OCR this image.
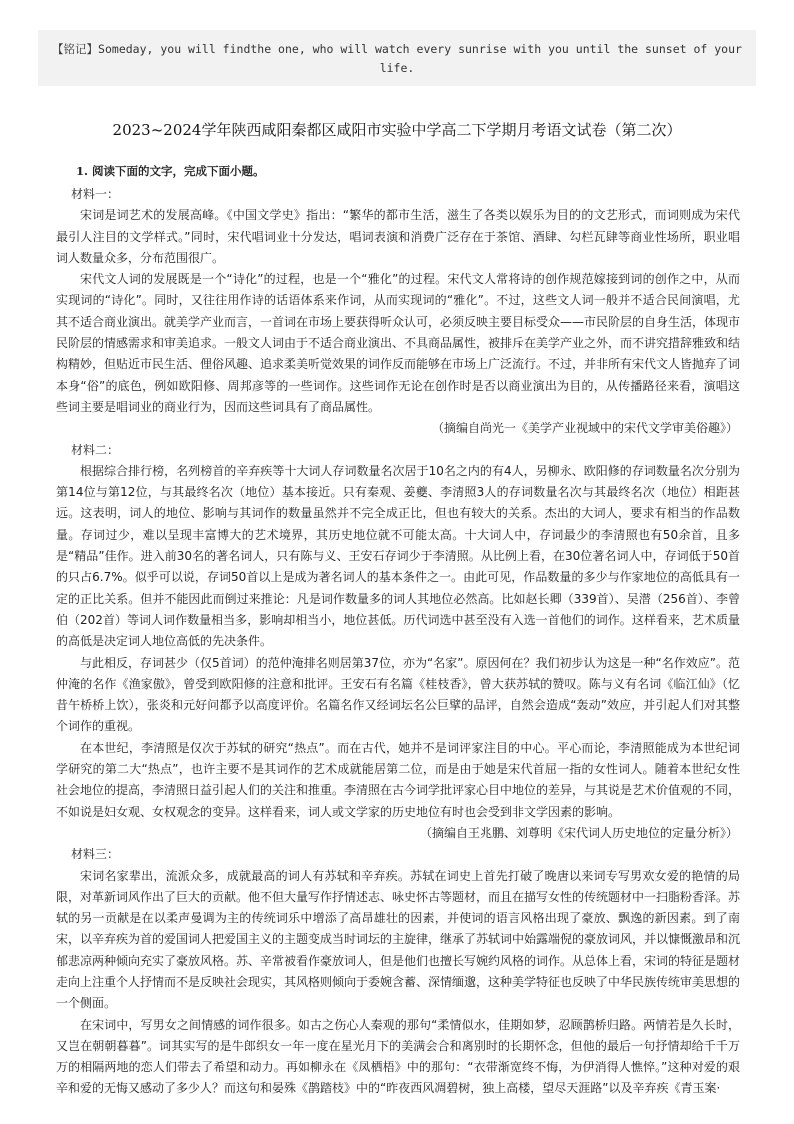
【铭记】Someday, you will findthe one, who will watch every sunrise with you until the sunset of your life.
2023~2024学年陕西咸阳秦都区咸阳市实验中学高二下学期月考语文试卷（第二次）

1. 阅读下面的文字，完成下面小题。

材料一：

宋词是词艺术的发展高峰。《中国文学史》指出：“繁华的都市生活，滋生了各类以娱乐为目的的文艺形式，而词则成为宋代最引人注目的文学样式。”同时，宋代唱词业十分发达，唱词表演和消费广泛存在于茶馆、酒肆、勾栏瓦肆等商业性场所，职业唱词人数量众多，分布范围很广。

宋代文人词的发展既是一个“诗化”的过程，也是一个“雅化”的过程。宋代文人常将诗的创作规范嫁接到词的创作之中，从而实现词的“诗化”。同时，又往往用作诗的话语体系来作词，从而实现词的“雅化”。不过，这些文人词一般并不适合民间演唱，尤其不适合商业演出。就美学产业而言，一首词在市场上要获得听众认可，必须反映主要目标受众——市民阶层的自身生活，体现市民阶层的情感需求和审美追求。一般文人词由于不适合商业演出、不具商品属性，被排斥在美学产业之外，而不讲究措辞雅致和结构精妙，但贴近市民生活、俚俗风趣、追求柔美听觉效果的词作反而能够在市场上广泛流行。不过，并非所有宋代文人皆抛弃了词本身“俗”的底色，例如欧阳修、周邦彦等的一些词作。这些词作无论在创作时是否以商业演出为目的，从传播路径来看，演唱这些词主要是唱词业的商业行为，因而这些词具有了商品属性。

（摘编自尚光一《美学产业视域中的宋代文学审美俗趣》）

材料二：

根据综合排行榜，名列榜首的辛弃疾等十大词人存词数量名次居于10名之内的有4人，另柳永、欧阳修的存词数量名次分别为第14位与第12位，与其最终名次（地位）基本接近。只有秦观、姜夔、李清照3人的存词数量名次与其最终名次（地位）相距甚远。这表明，词人的地位、影响与其词作的数量虽然并不完全成正比，但也有较大的关系。杰出的大词人，要求有相当的作品数量。存词过少，难以呈现丰富博大的艺术境界，其历史地位就不可能太高。十大词人中，存词最少的李清照也有50余首，且多是“精品”佳作。进入前30名的著名词人，只有陈与义、王安石存词少于李清照。从比例上看，在30位著名词人中，存词低于50首的只占6.7%。似乎可以说，存词50首以上是成为著名词人的基本条件之一。由此可见，作品数量的多少与作家地位的高低具有一定的正比关系。但并不能因此而倒过来推论：凡是词作数量多的词人其地位必然高。比如赵长卿（339首）、吴潜（256首）、李曾伯（202首）等词人词作数量相当多，影响却相当小，地位甚低。历代词选中甚至没有入选一首他们的词作。这样看来，艺术质量的高低是决定词人地位高低的先决条件。

与此相反，存词甚少（仅5首词）的范仲淹排名则居第37位，亦为“名家”。原因何在？我们初步认为这是一种“名作效应”。范仲淹的名作《渔家傲》，曾受到欧阳修的注意和批评。王安石有名篇《桂枝香》，曾大获苏轼的赞叹。陈与义有名词《临江仙》（忆昔午桥桥上饮），张炎和元好问都予以高度评价。名篇名作又经词坛名公巨擘的品评，自然会造成“轰动”效应，并引起人们对其整个词作的重视。

在本世纪，李清照是仅次于苏轼的研究“热点”。而在古代，她并不是词评家注目的中心。平心而论，李清照能成为本世纪词学研究的第二大“热点”，也许主要不是其词作的艺术成就能居第二位，而是由于她是宋代首屈一指的女性词人。随着本世纪女性社会地位的提高，李清照日益引起人们的关注和推重。李清照在古今词学批评家心目中地位的差异，与其说是艺术价值观的不同，不如说是妇女观、女权观念的变异。这样看来，词人或文学家的历史地位有时也会受到非文学因素的影响。

（摘编自王兆鹏、刘尊明《宋代词人历史地位的定量分析》）

材料三：

宋词名家辈出，流派众多，成就最高的词人有苏轼和辛弃疾。苏轼在词史上首先打破了晚唐以来词专写男欢女爱的艳情的局限，对革新词风作出了巨大的贡献。他不但大量写作抒情述志、咏史怀古等题材，而且在描写女性的传统题材中一扫脂粉香泽。苏轼的另一贡献是在以柔声曼调为主的传统词乐中增添了高昂雄壮的因素，并使词的语言风格出现了豪放、飘逸的新因素。到了南宋，以辛弃疾为首的爱国词人把爱国主义的主题变成当时词坛的主旋律，继承了苏轼词中始露端倪的豪放词风，并以慷慨激昂和沉郁悲凉两种倾向充实了豪放风格。苏、辛常被看作豪放词人，但是他们也擅长写婉约风格的词作。从总体上看，宋词的特征是题材走向上注重个人抒情而不是反映社会现实，其风格则倾向于委婉含蓄、深情缅邈，这种美学特征也反映了中华民族传统审美思想的一个侧面。

在宋词中，写男女之间情感的词作很多。如古之伤心人秦观的那句“柔情似水，佳期如梦，忍顾鹊桥归路。两情若是久长时，又岂在朝朝暮暮”。词其实写的是牛郎织女一年一度在星光月下的美满会合和离别时的长期怀念，但他的最后一句抒情却给千千万万的相隔两地的恋人们带去了希望和动力。再如柳永在《凤栖梧》中的那句：“衣带渐宽终不悔，为伊消得人憔悴。”这种对爱的艰辛和爱的无悔又感动了多少人？而这句和晏殊《鹊踏枝》中的“昨夜西风凋碧树，独上高楼，望尽天涯路”以及辛弃疾《青玉案·
